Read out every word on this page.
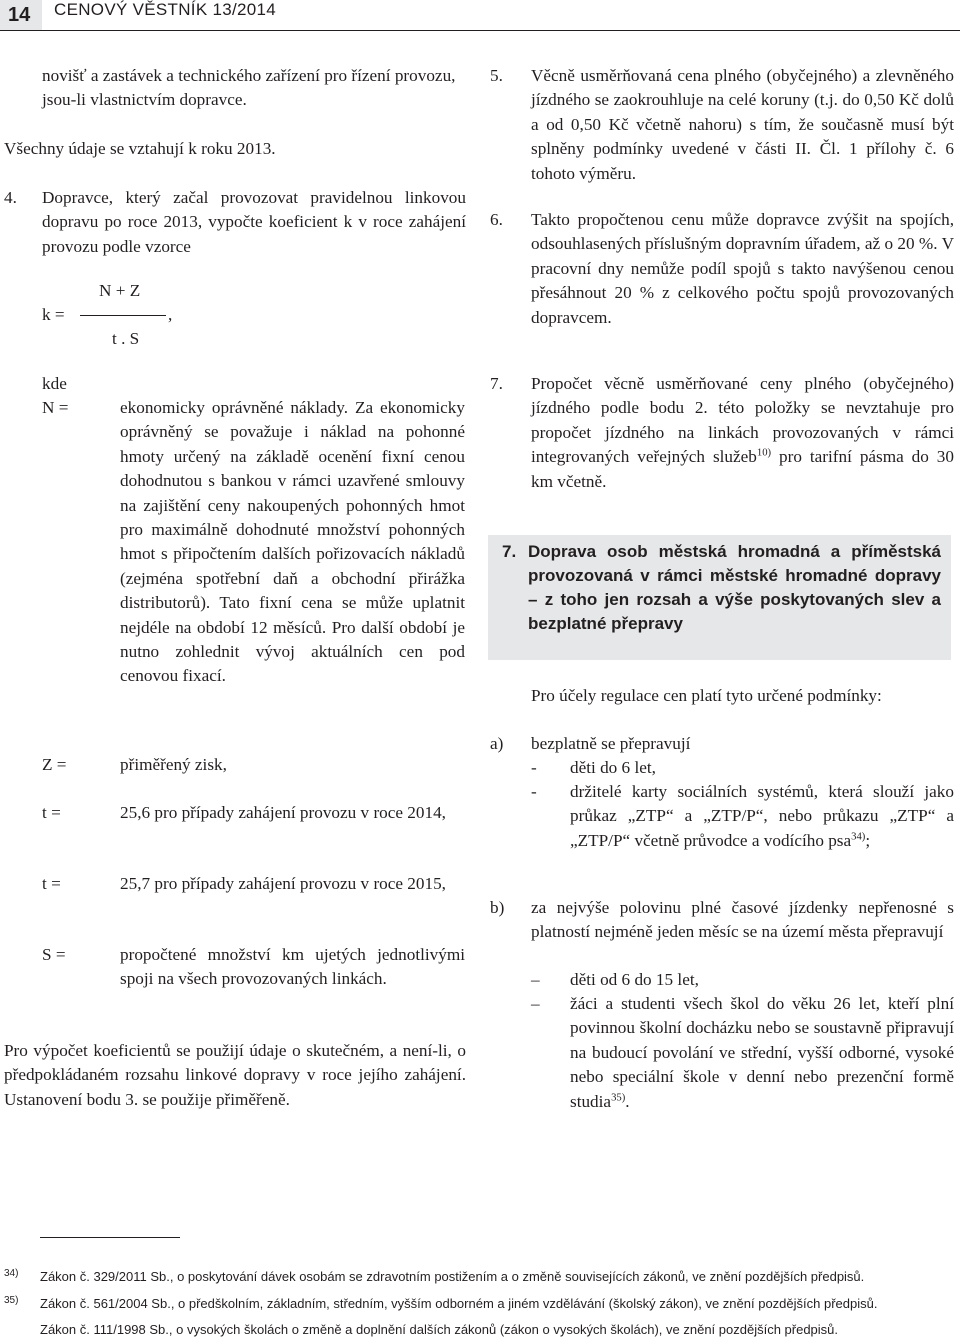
14	CENOVÝ VĚSTNÍK 13/2014
novišť a zastávek a technického zařízení pro řízení provozu, jsou-li vlastnictvím dopravce.
Všechny údaje se vztahují k roku 2013.
4. Dopravce, který začal provozovat pravidelnou linkovou dopravu po roce 2013, vypočte koeficient k v roce zahájení provozu podle vzorce
N + Z
k =	,
t . S
kde
N =	ekonomicky oprávněné náklady. Za ekonomicky oprávněný se považuje i náklad na pohonné hmoty určený na základě ocenění fixní cenou dohodnutou s bankou v rámci uzavřené smlouvy na zajištění ceny nakoupených pohonných hmot pro maximálně dohodnuté množství pohonných hmot s připočtením dalších pořizovacích nákladů (zejména spotřební daň a obchodní přirážka distributorů). Tato fixní cena se může uplatnit nejdéle na období 12 měsíců. Pro další období je nutno zohlednit vývoj aktuálních cen pod cenovou fixací.
Z =	přiměřený zisk,
t =	25,6 pro případy zahájení provozu v roce 2014,
t =	25,7 pro případy zahájení provozu v roce 2015,
S =	propočtené množství km ujetých jednotlivými spoji na všech provozovaných linkách.
Pro výpočet koeficientů se použijí údaje o skutečném, a není-li, o předpokládaném rozsahu linkové dopravy v roce jejího zahájení. Ustanovení bodu 3. se použije přiměřeně.
5. Věcně usměrňovaná cena plného (obyčejného) a zlevněného jízdného se zaokrouhluje na celé koruny (t.j. do 0,50 Kč dolů a od 0,50 Kč včetně nahoru) s tím, že současně musí být splněny podmínky uvedené v části II. Čl. 1 přílohy č. 6 tohoto výměru.
6. Takto propočtenou cenu může dopravce zvýšit na spojích, odsouhlasených příslušným dopravním úřadem, až o 20 %. V pracovní dny nemůže podíl spojů s takto navýšenou cenou přesáhnout 20 % z celkového počtu spojů provozovaných dopravcem.
7. Propočet věcně usměrňované ceny plného (obyčejného) jízdného podle bodu 2. této položky se nevztahuje pro propočet jízdného na linkách provozovaných v rámci integrovaných veřejných služeb$^{10)}$ pro tarifní pásma do 30 km včetně.
7. Doprava osob městská hromadná a příměstská provozovaná v rámci městské hromadné dopravy – z toho jen rozsah a výše poskytovaných slev a bezplatné přepravy
Pro účely regulace cen platí tyto určené podmínky:
a) bezplatně se přepravují
- děti do 6 let,
- držitelé karty sociálních systémů, která slouží jako průkaz „ZTP“ a „ZTP/P“, nebo průkazu „ZTP“ a „ZTP/P“ včetně průvodce a vodícího psa$^{34)}$;
b) za nejvýše polovinu plné časové jízdenky nepřenosné s platností nejméně jeden měsíc se na území města přepravují
– děti od 6 do 15 let,
– žáci a studenti všech škol do věku 26 let, kteří plní povinnou školní docházku nebo se soustavně připravují na budoucí povolání ve střední, vyšší odborné, vysoké nebo speciální škole v denní nebo prezenční formě studia$^{35)}$.
34) Zákon č. 329/2011 Sb., o poskytování dávek osobám se zdravotním postižením a o změně souvisejících zákonů, ve znění pozdějších předpisů.
35) Zákon č. 561/2004 Sb., o předškolním, základním, středním, vyšším odborném a jiném vzdělávání (školský zákon), ve znění pozdějších předpisů.
Zákon č. 111/1998 Sb., o vysokých školách o změně a doplnění dalších zákonů (zákon o vysokých školách), ve znění pozdějších předpisů.
